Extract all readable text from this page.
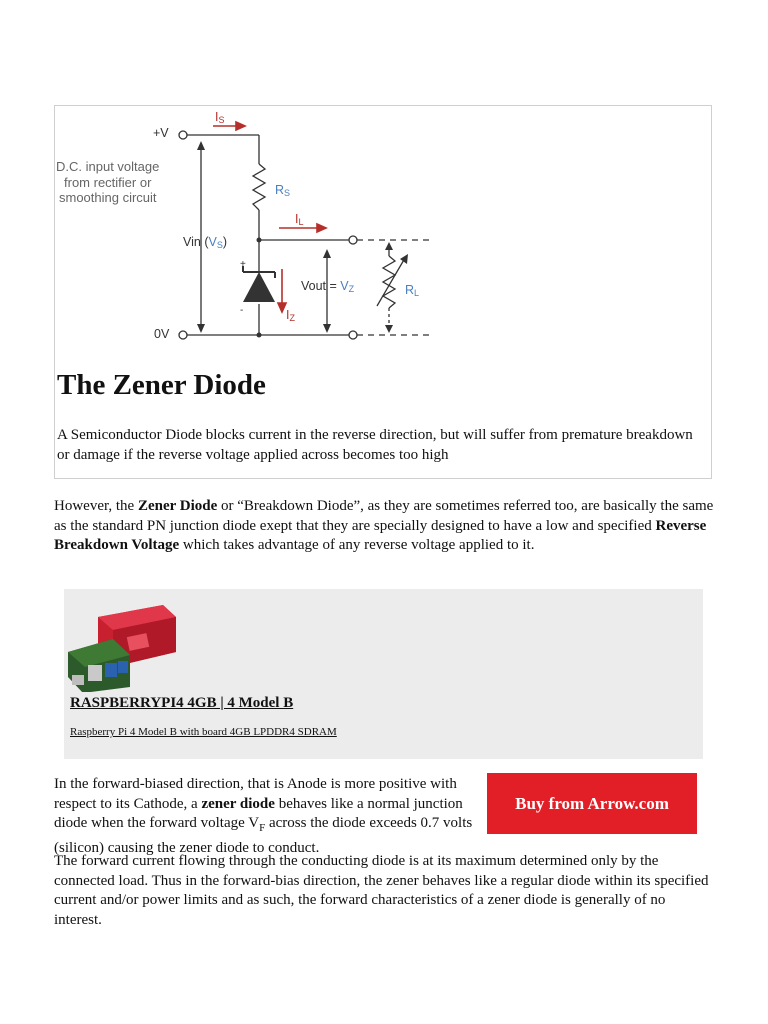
IS
+V
D.C. input voltage
from rectifier or
smoothing circuit	RS
IL
Vin (VS)
+
-	IZ
Vout = VZ	RL
0V
The Zener Diode

A Semiconductor Diode blocks current in the reverse direction, but will suffer from premature breakdown or damage if the reverse voltage applied across becomes too high

However, the Zener Diode or “Breakdown Diode”, as they are sometimes referred too, are basically the same as the standard PN junction diode exept that they are specially designed to have a low and specified Reverse Breakdown Voltage which takes advantage of any reverse voltage applied to it.

RASPBERRYPI4 4GB | 4 Model B
Raspberry Pi 4 Model B with board 4GB LPDDR4 SDRAM

In the forward-biased direction, that is Anode is more positive with respect to its Cathode, a zener diode behaves like a normal junction diode when the forward voltage $V_F$ across the diode exceeds 0.7 volts (silicon) causing the zener diode to conduct.

Buy from Arrow.com

The forward current flowing through the conducting diode is at its maximum determined only by the connected load. Thus in the forward-bias direction, the zener behaves like a regular diode within its specified current and/or power limits and as such, the forward characteristics of a zener diode is generally of no interest.
